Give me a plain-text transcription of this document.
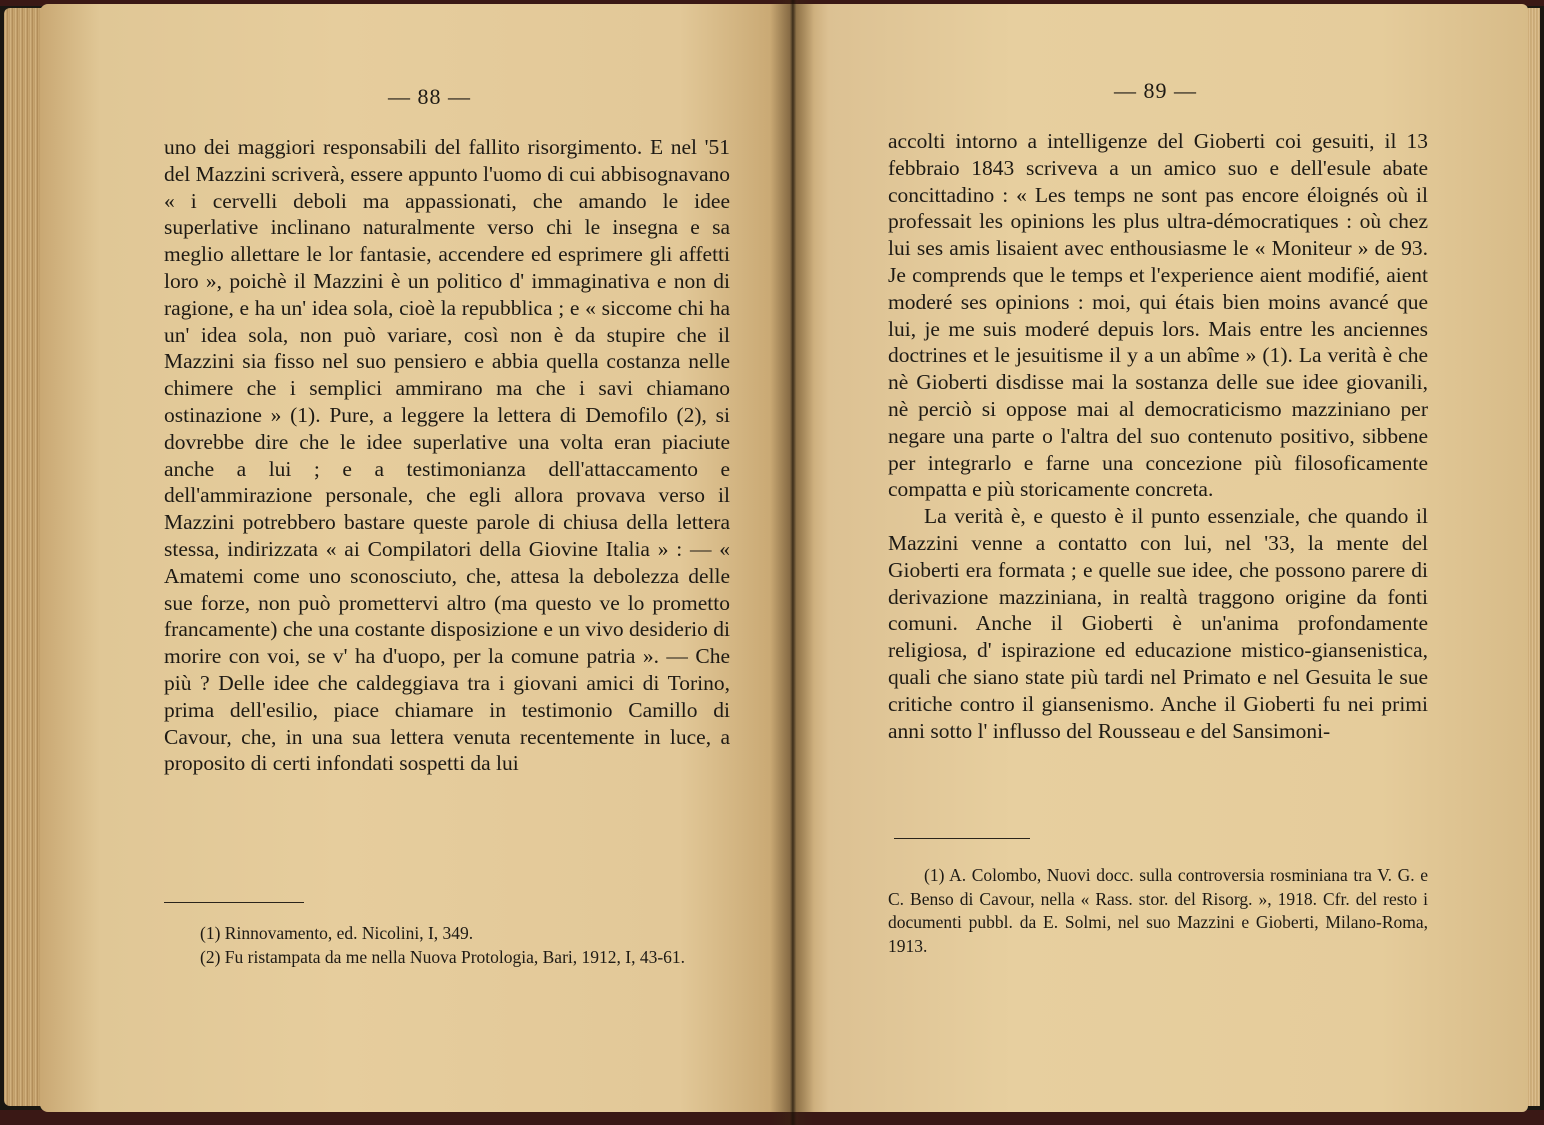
— 88 —

uno dei maggiori responsabili del fallito risorgimento. E nel '51 del Mazzini scriverà, essere appunto l'uomo di cui abbisognavano « i cervelli deboli ma appassionati, che amando le idee superlative inclinano naturalmente verso chi le insegna e sa meglio allettare le lor fantasie, accendere ed esprimere gli affetti loro », poichè il Mazzini è un politico d' immaginativa e non di ragione, e ha un' idea sola, cioè la repubblica ; e « siccome chi ha un' idea sola, non può variare, così non è da stupire che il Mazzini sia fisso nel suo pensiero e abbia quella costanza nelle chimere che i semplici ammirano ma che i savi chiamano ostinazione » (1). Pure, a leggere la lettera di Demofilo (2), si dovrebbe dire che le idee superlative una volta eran piaciute anche a lui ; e a testimonianza dell'attaccamento e dell'ammirazione personale, che egli allora provava verso il Mazzini potrebbero bastare queste parole di chiusa della lettera stessa, indirizzata « ai Compilatori della Giovine Italia » : — « Amatemi come uno sconosciuto, che, attesa la debolezza delle sue forze, non può promettervi altro (ma questo ve lo prometto francamente) che una costante disposizione e un vivo desiderio di morire con voi, se v' ha d'uopo, per la comune patria ». — Che più ? Delle idee che caldeggiava tra i giovani amici di Torino, prima dell'esilio, piace chiamare in testimonio Camillo di Cavour, che, in una sua lettera venuta recentemente in luce, a proposito di certi infondati sospetti da lui

(1) Rinnovamento, ed. Nicolini, I, 349.

(2) Fu ristampata da me nella Nuova Protologia, Bari, 1912, I, 43-61.

— 89 —

accolti intorno a intelligenze del Gioberti coi gesuiti, il 13 febbraio 1843 scriveva a un amico suo e dell'esule abate concittadino : « Les temps ne sont pas encore éloignés où il professait les opinions les plus ultra-démocratiques : où chez lui ses amis lisaient avec enthousiasme le « Moniteur » de 93. Je comprends que le temps et l'experience aient modifié, aient moderé ses opinions : moi, qui étais bien moins avancé que lui, je me suis moderé depuis lors. Mais entre les anciennes doctrines et le jesuitisme il y a un abîme » (1). La verità è che nè Gioberti disdisse mai la sostanza delle sue idee giovanili, nè perciò si oppose mai al democraticismo mazziniano per negare una parte o l'altra del suo contenuto positivo, sibbene per integrarlo e farne una concezione più filosoficamente compatta e più storicamente concreta.

La verità è, e questo è il punto essenziale, che quando il Mazzini venne a contatto con lui, nel '33, la mente del Gioberti era formata ; e quelle sue idee, che possono parere di derivazione mazziniana, in realtà traggono origine da fonti comuni. Anche il Gioberti è un'anima profondamente religiosa, d' ispirazione ed educazione mistico-giansenistica, quali che siano state più tardi nel Primato e nel Gesuita le sue critiche contro il giansenismo. Anche il Gioberti fu nei primi anni sotto l' influsso del Rousseau e del Sansimoni-

(1) A. Colombo, Nuovi docc. sulla controversia rosminiana tra V. G. e C. Benso di Cavour, nella « Rass. stor. del Risorg. », 1918. Cfr. del resto i documenti pubbl. da E. Solmi, nel suo Mazzini e Gioberti, Milano-Roma, 1913.
